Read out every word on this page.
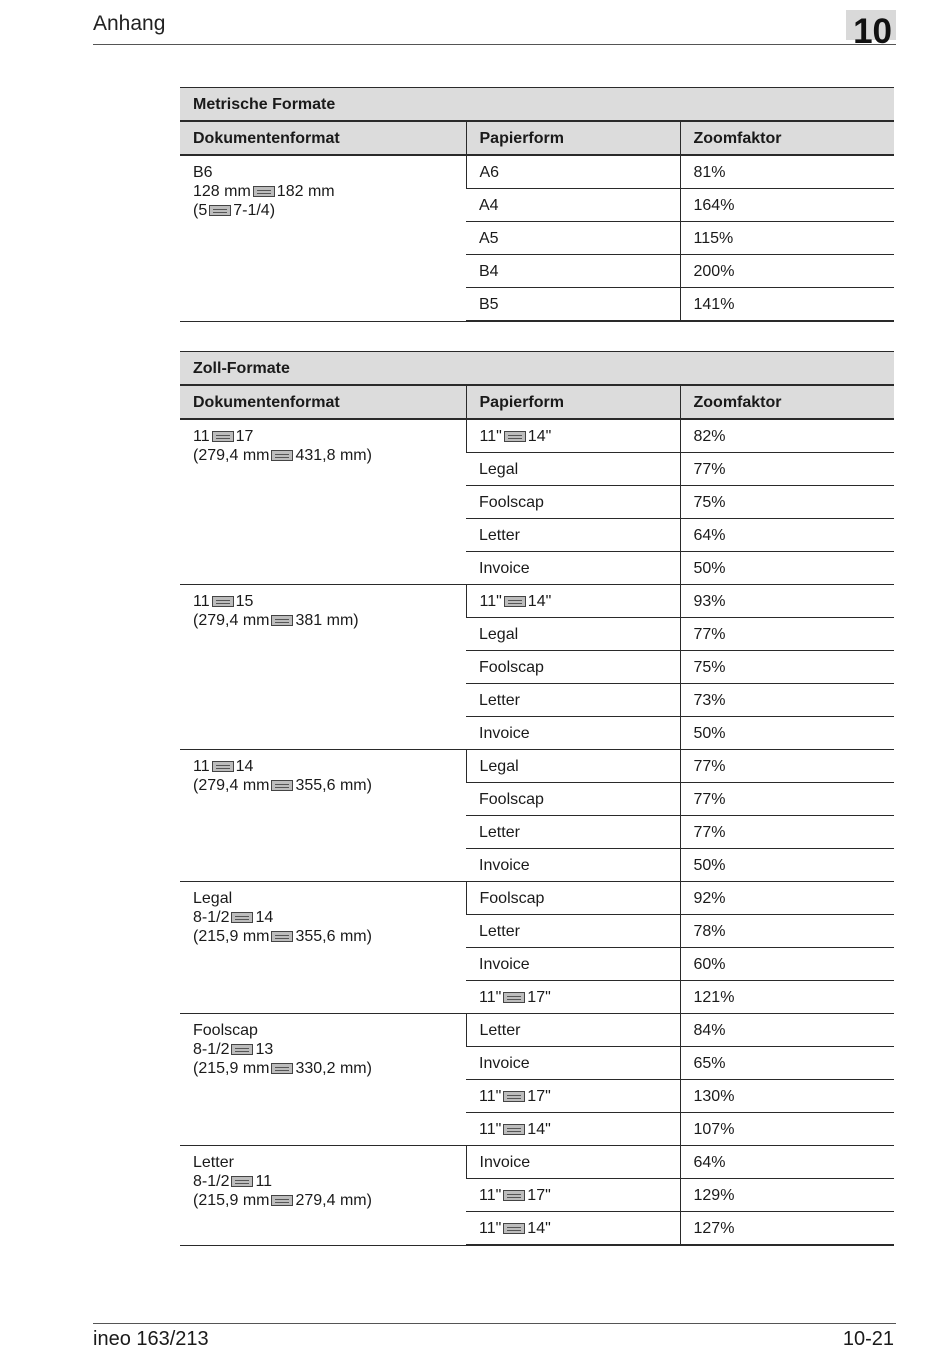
Anhang	10
Metrische Formate		
Dokumentenformat	Papierform	Zoomfaktor

B6
128 mm 182 mm
(5 7-1/4)	A6	81%
	A4	164%
	A5	115%
	B4	200%
	B5	141%
Zoll-Formate		
Dokumentenformat	Papierform	Zoomfaktor

11 17
(279,4 mm 431,8 mm)	11" 14"	82%
	Legal	77%
	Foolscap	75%
	Letter	64%
	Invoice	50%

11 15
(279,4 mm 381 mm)	11" 14"	93%
	Legal	77%
	Foolscap	75%
	Letter	73%
	Invoice	50%

11 14
(279,4 mm 355,6 mm)	Legal	77%
	Foolscap	77%
	Letter	77%
	Invoice	50%

Legal
8-1/2 14
(215,9 mm 355,6 mm)	Foolscap	92%
	Letter	78%
	Invoice	60%
	11" 17"	121%

Foolscap
8-1/2 13
(215,9 mm 330,2 mm)	Letter	84%
	Invoice	65%
	11" 17"	130%
	11" 14"	107%

Letter
8-1/2 11
(215,9 mm 279,4 mm)	Invoice	64%
	11" 17"	129%
	11" 14"	127%
ineo 163/213	10-21
